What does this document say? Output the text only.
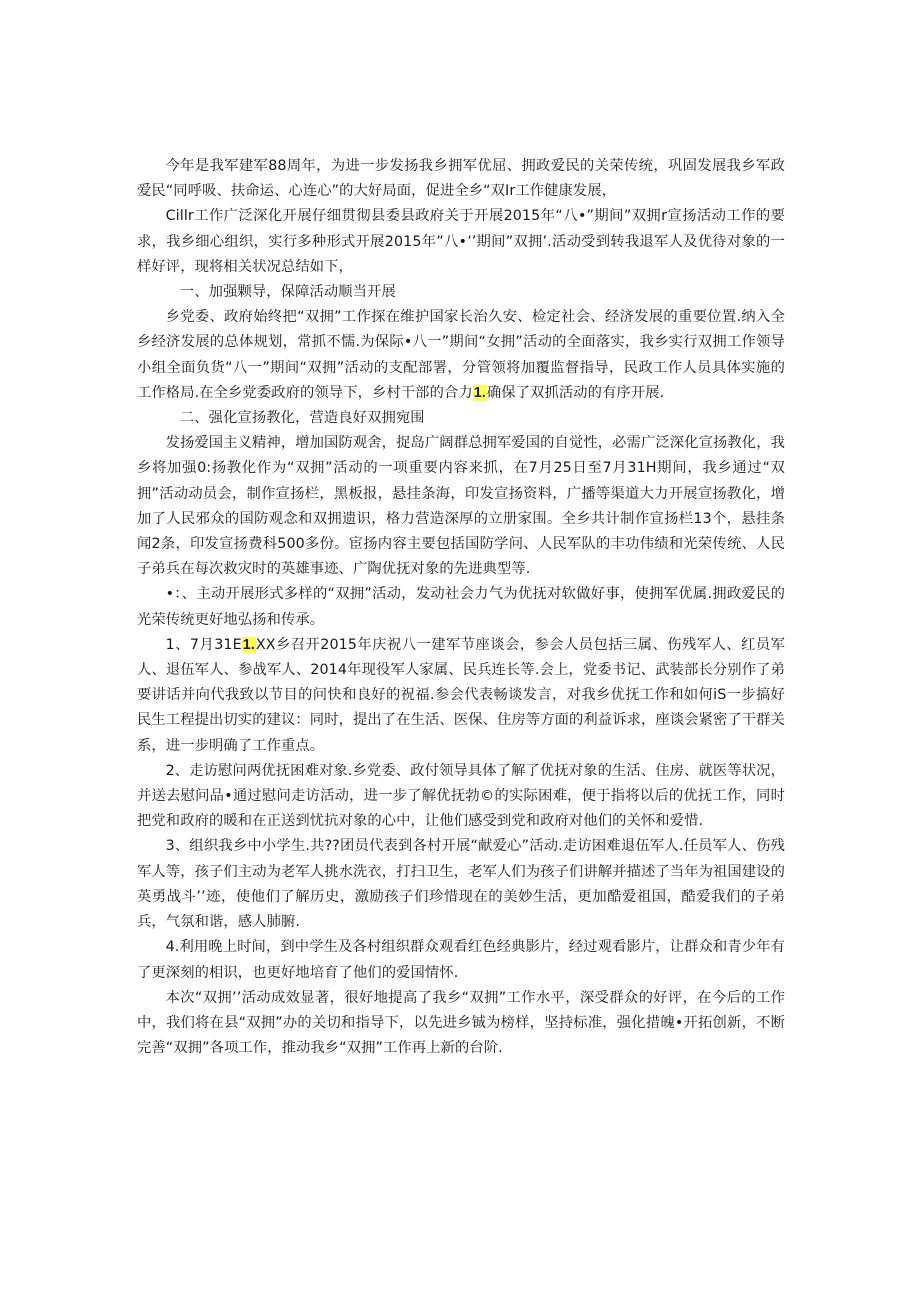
今年是我军建军88周年，为进一步发扬我乡拥军优屈、拥政爱民的关荣传统，巩固发展我乡军政爱民“同呼吸、扶命运、心连心”的大好局面，促进全乡“双Ir工作健康发展，

Cillr工作广泛深化开展仔细贯彻县委县政府关于开展2015年“八•”期间”双拥r宣扬活动工作的要求，我乡细心组织，实行多种形式开展2015年”八•’’期间”双拥’.活动受到转我退军人及优待对象的一样好评，现将相关状况总结如下，

一、加强颗导，保障活动顺当开展

乡党委、政府始终把“双拥”工作探在维护国家长治久安、检定社会、经济发展的重要位置.纳入全乡经济发展的总体规划，常抓不懦.为保际•八一”期间“女拥”活动的全面落实，我乡实行双拥工作领导小组全面负货“八一”期间“双拥”活动的支配部署，分管领将加覆监督指导，民政工作人员具体实施的工作格局.在全乡党委政府的领导下，乡村干部的合力1.确保了双抓活动的有序开展.

二、强化宣扬教化，营造良好双拥宛围

发扬爱国主义精神，增加国防观舍，捉岛广阔群总拥军爱国的自觉性，必需广泛深化宣扬教化，我乡将加强0:扬教化作为“双拥”活动的一项重要内容来抓，在7月25日至7月31H期间，我乡通过“双拥”活动动员会，制作宣扬栏，黑板报，悬挂条海，印发宣扬资料，广播等渠道大力开展宣扬教化，增加了人民邪众的国防观念和双拥遗识，格力营造深厚的立册家围。全乡共计制作宣扬栏13个，悬挂条闻2条，印发宣扬费科500多份。宦扬内容主要包括国防学问、人民军队的丰功伟绩和光荣传统、人民子弟兵在每次救灾时的英雄事迹、广陶优抚对象的先进典型等.

•：、主动开展形式多样的“双拥”活动，发动社会力气为优抚对软做好事，使拥军优属.拥政爱民的光荣传统更好地弘扬和传承。

1、7月31E1.XX乡召开2015年庆祝八一建军节座谈会，参会人员包括三属、伤残军人、红员军人、退伍军人、参战军人、2014年现役军人家属、民兵连长等.会上，党委书记、武装部长分别作了弟要讲话并向代我致以节目的问快和良好的祝福.参会代表畅谈发言，对我乡优抚工作和如何iS一步搞好民生工程提出切实的建议：同时，提出了在生活、医保、住房等方面的利益诉求，座谈会紧密了干群关系，进一步明确了工作重点。

2、走访慰问两优抚困难对象.乡党委、政付领导具体了解了优抚对象的生活、住房、就医等状况，并送去慰问品•通过慰问走访活动，进一步了解优抚勃©的实际困难，便于指将以后的优抚工作，同时把党和政府的暖和在正送到忧抗对象的心中，让他们感受到党和政府对他们的关怀和爱惜.

3、组织我乡中小学生.共??团员代表到各村开展“献爱心”活动.走访困难退伍军人.任员军人、伤残军人等，孩子们主动为老军人挑水洗衣，打扫卫生，老军人们为孩子们讲解并描述了当年为祖国建设的英勇战斗’’迹，使他们了解历史，激励孩子们珍惜现在的美妙生活，更加酷爱祖国，酷爱我们的子弟兵，气氛和谐，感人肺腑.

4.利用晚上时间，到中学生及各村组织群众观看红色经典影片，经过观看影片，让群众和青少年有了更深刻的相识，也更好地培育了他们的爱国情怀.

本次“双拥’’活动成效显著，很好地提高了我乡“双拥”工作水平，深受群众的好评，在今后的工作中，我们将在县“双拥”办的关切和指导下，以先进乡铖为榜样，坚持标准，强化措魄•开拓创新，不断完善“双拥”各项工作，推动我乡“双拥”工作再上新的台阶.
